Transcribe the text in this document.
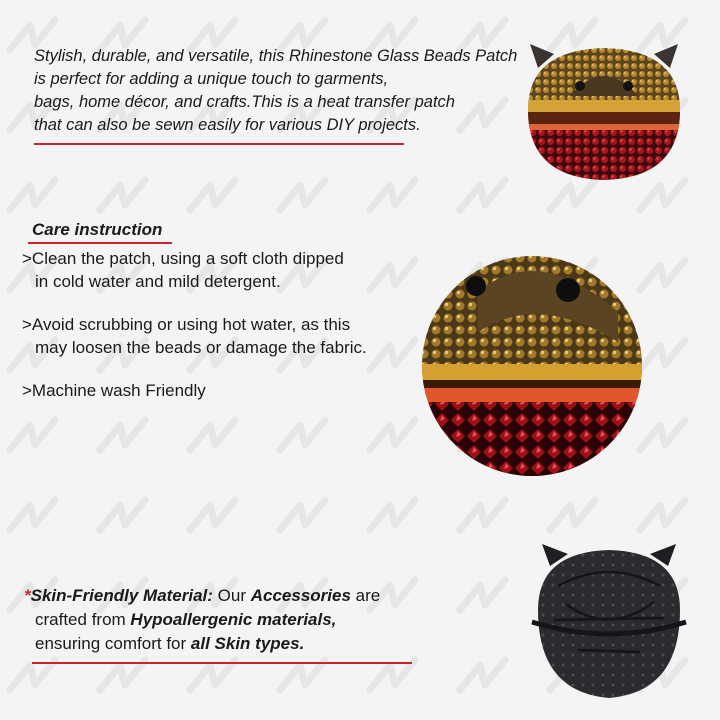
Stylish, durable, and versatile, this Rhinestone Glass Beads Patch

is perfect for adding a unique touch to garments,

bags, home décor, and crafts.This is a heat transfer patch

that can also be sewn easily for various DIY projects.

Care instruction
>Clean the patch, using a soft cloth dipped
in cold water and mild detergent.
>Avoid scrubbing or using hot water, as this
may loosen the beads or damage the fabric.
>Machine wash Friendly

*Skin-Friendly Material: Our Accessories are

crafted from Hypoallergenic materials,

ensuring comfort for all Skin types.
